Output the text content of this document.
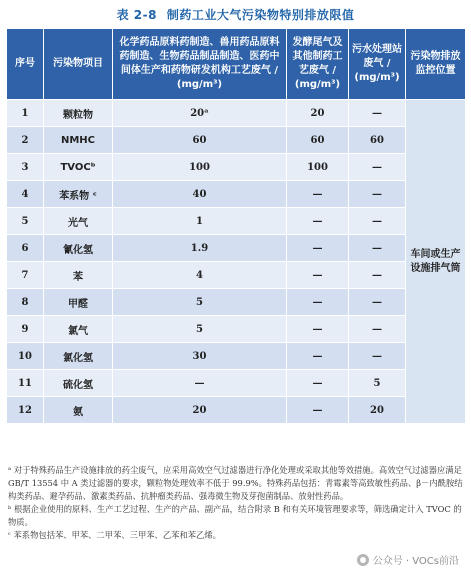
表 2-8 制药工业大气污染物特别排放限值
序号	污染物项目	化学药品原料药制造、兽用药品原料药制造、生物药品制品制造、医药中间体生产和药物研发机构工艺废气 / (mg/m³)	发酵尾气及其他制药工艺废气 / (mg/m³)	污水处理站废气 / (mg/m³)	污染物排放监控位置
1	颗粒物	20ᵃ	20	—	车间或生产设施排气筒
2	NMHC	60	60	60	
3	TVOCᵇ	100	100	—	
4	苯系物 ᶜ	40	—	—	
5	光气	1	—	—	
6	氰化氢	1.9	—	—	
7	苯	4	—	—	
8	甲醛	5	—	—	
9	氯气	5	—	—	
10	氯化氢	30	—	—	
11	硫化氢	—	—	5	
12	氨	20	—	20	

ᵃ 对于特殊药品生产设施排放的药尘废气，应采用高效空气过滤器进行净化处理或采取其他等效措施。高效空气过滤器应满足 GB/T 13554 中 A 类过滤器的要求，颗粒物处理效率不低于 99.9%。特殊药品包括：青霉素等高致敏性药品、β－内酰胺结构类药品、避孕药品、激素类药品、抗肿瘤类药品、强毒微生物及芽孢菌制品、放射性药品。

ᵇ 根据企业使用的原料、生产工艺过程、生产的产品、副产品，结合附录 B 和有关环境管理要求等，筛选确定计入 TVOC 的物质。

ᶜ 苯系物包括苯、甲苯、二甲苯、三甲苯、乙苯和苯乙烯。

公众号 · VOCs前沿
